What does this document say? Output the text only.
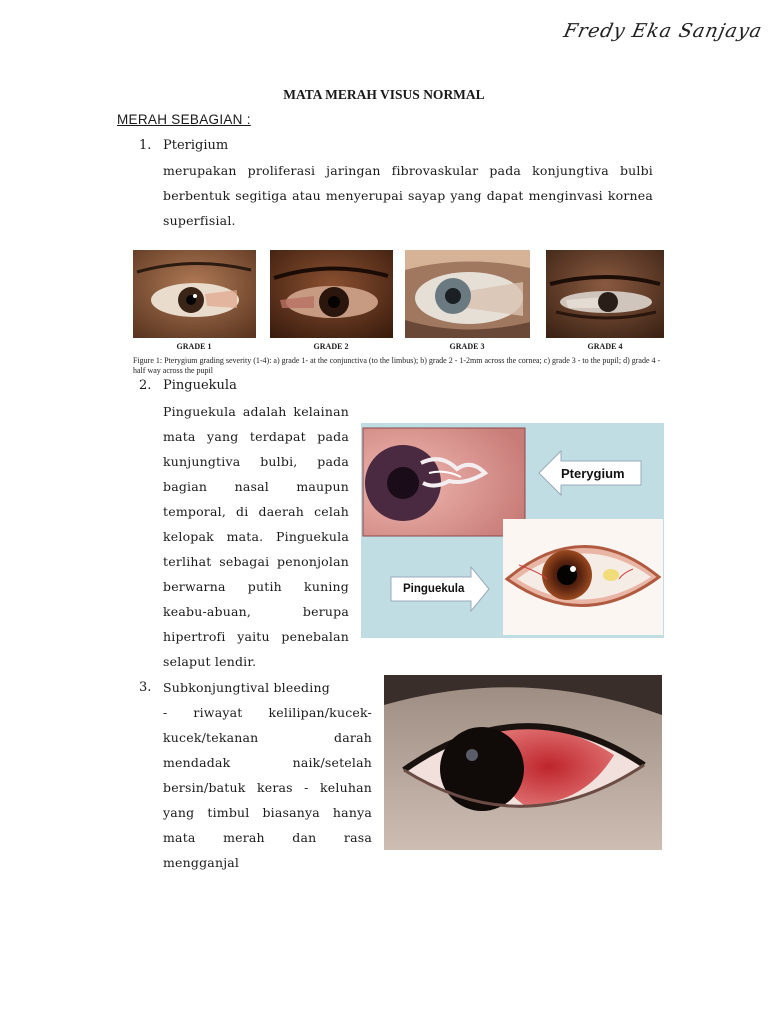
Fredy Eka Sanjaya
MATA MERAH VISUS NORMAL
MERAH SEBAGIAN :
1. Pterigium
merupakan proliferasi jaringan fibrovaskular pada konjungtiva bulbi berbentuk segitiga atau menyerupai sayap yang dapat menginvasi kornea superfisial.
GRADE 1	GRADE 2	GRADE 3	GRADE 4
Figure 1: Pterygium grading severity (1-4): a) grade 1- at the conjunctiva (to the limbus); b) grade 2 - 1-2mm across the cornea; c) grade 3 - to the pupil; d) grade 4 - half way across the pupil
2. Pinguekula
Pinguekula adalah kelainan mata yang terdapat pada kunjungtiva bulbi, pada bagian nasal maupun temporal, di daerah celah kelopak mata. Pinguekula terlihat sebagai penonjolan berwarna putih kuning keabu-abuan, berupa hipertrofi yaitu penebalan selaput lendir.
Pterygium
Pinguekula
3. Subkonjungtival bleeding
- riwayat kelilipan/kucek-kucek/tekanan darah mendadak naik/setelah bersin/batuk keras - keluhan yang timbul biasanya hanya mata merah dan rasa mengganjal
